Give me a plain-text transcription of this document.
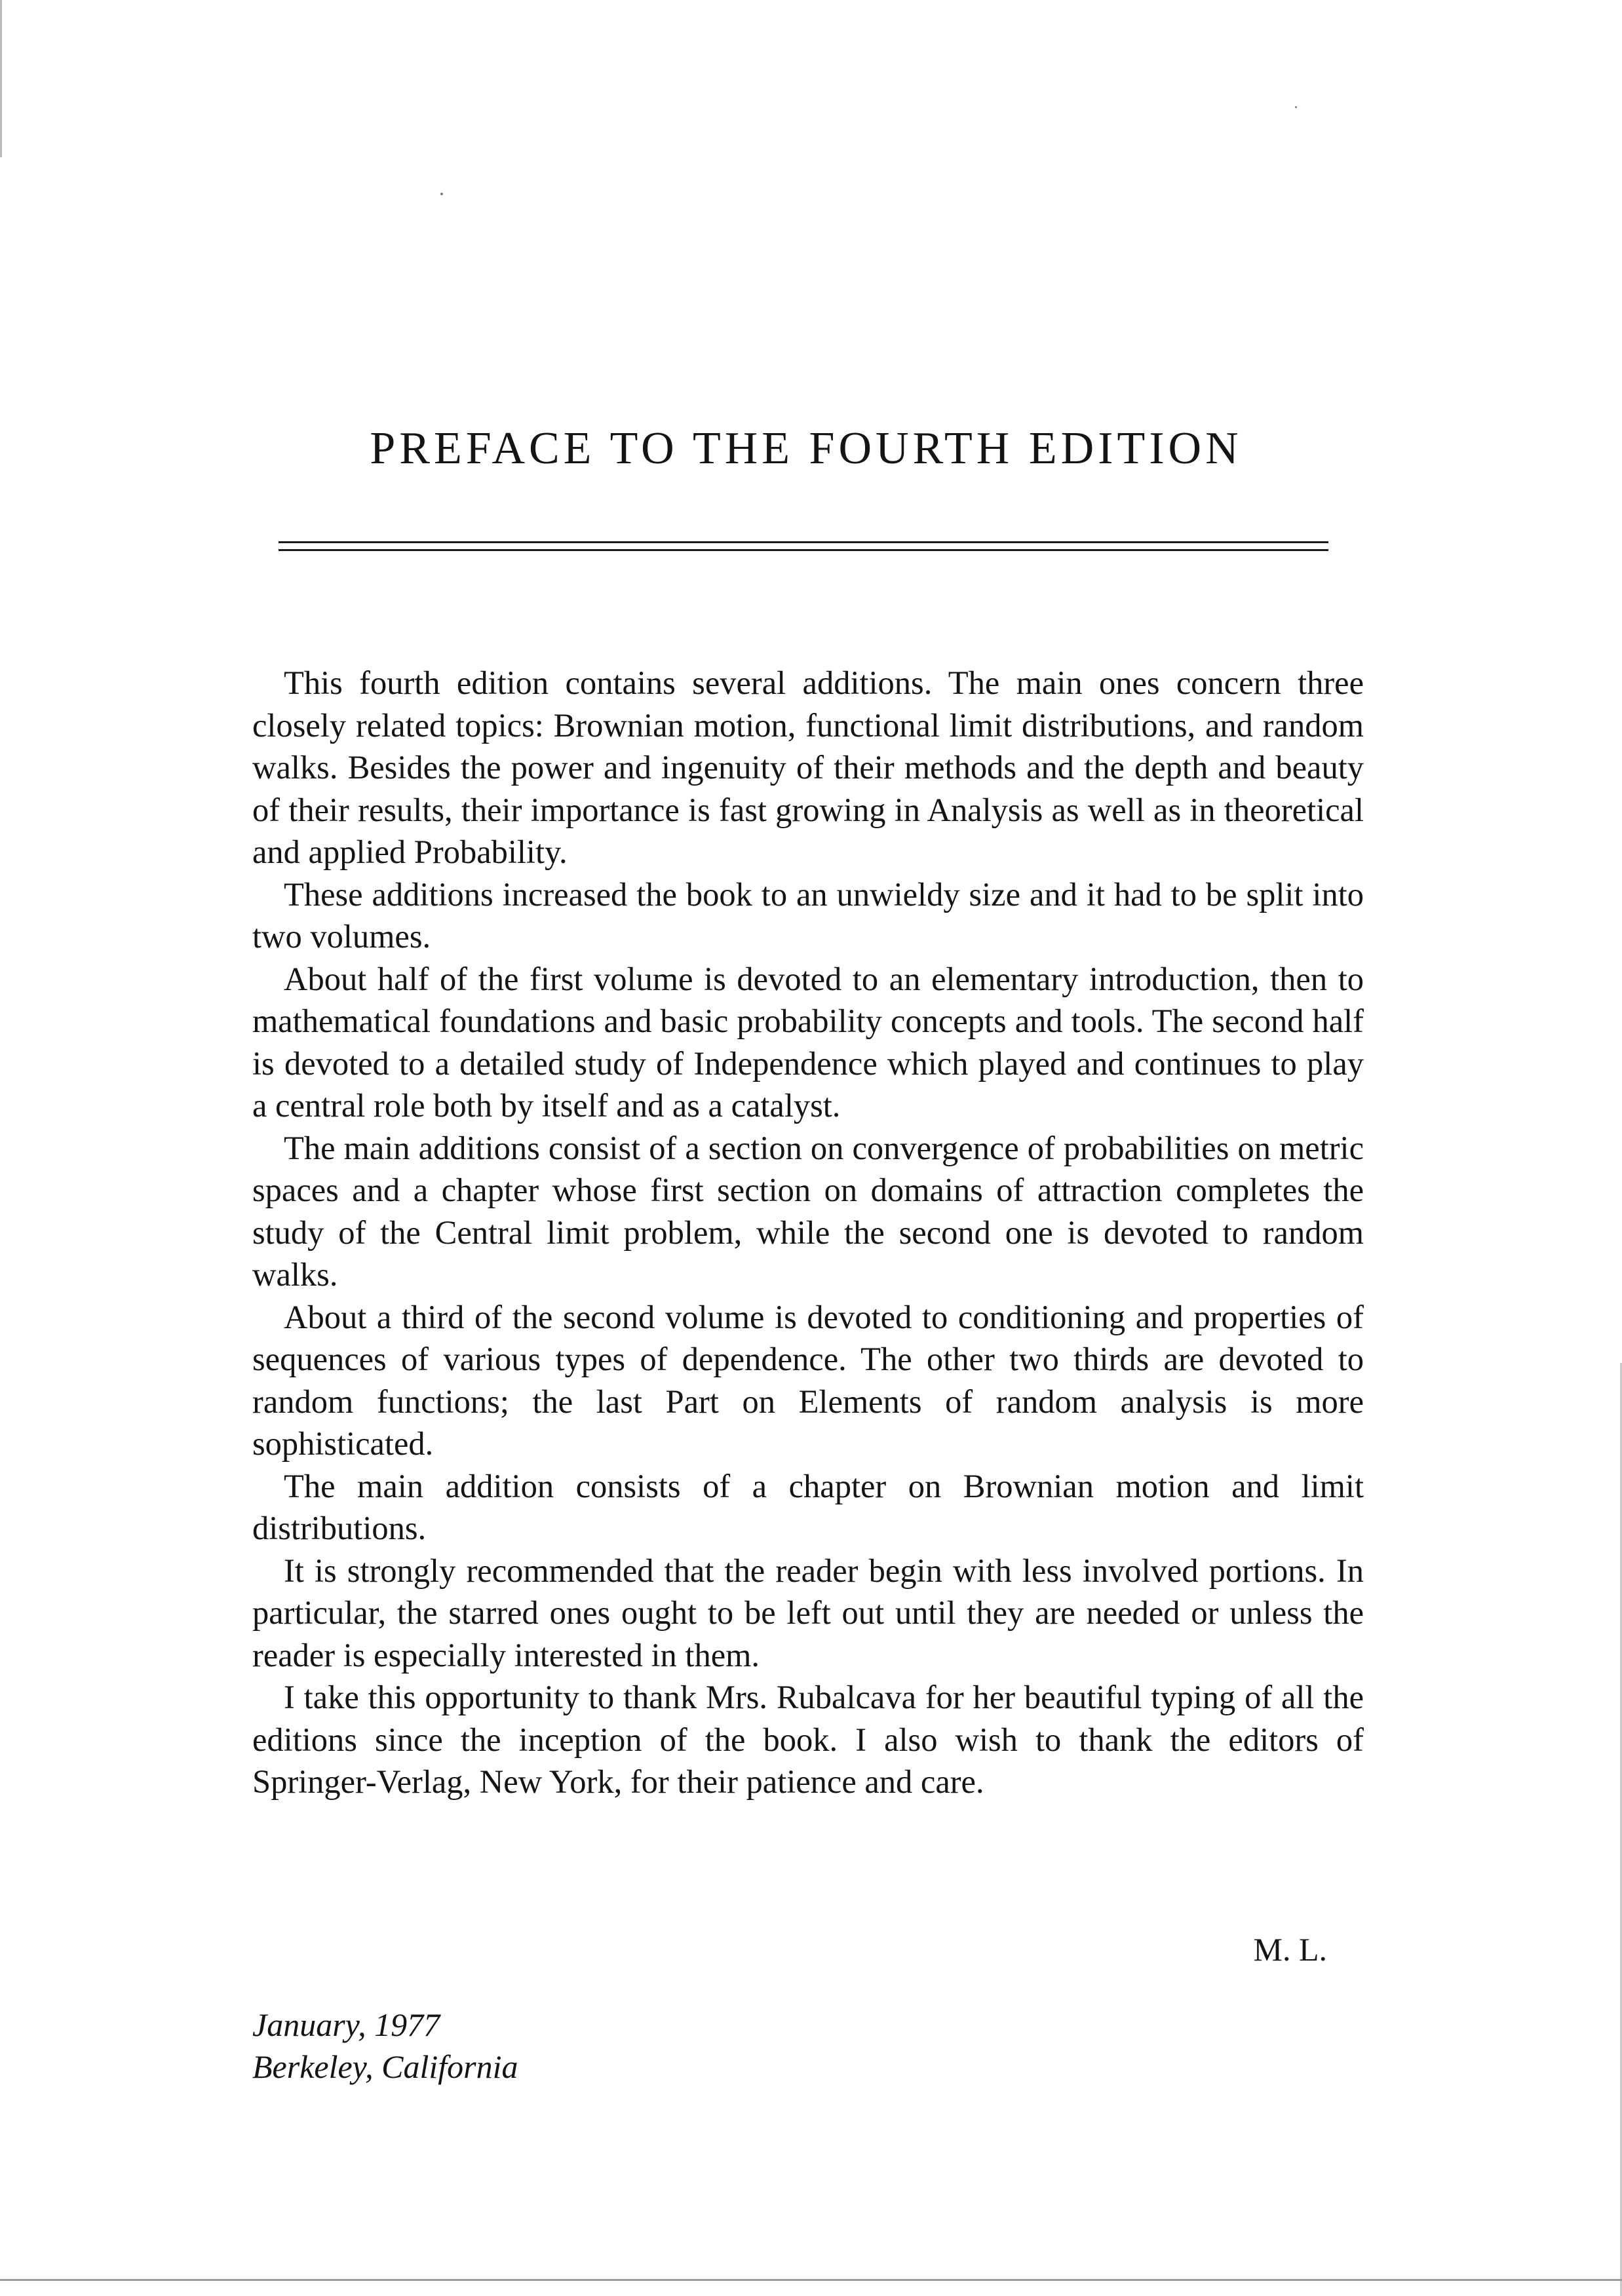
PREFACE TO THE FOURTH EDITION

This fourth edition contains several additions. The main ones concern three closely related topics: Brownian motion, functional limit distributions, and random walks. Besides the power and ingenuity of their methods and the depth and beauty of their results, their importance is fast growing in Analysis as well as in theoretical and applied Probability.

These additions increased the book to an unwieldy size and it had to be split into two volumes.

About half of the first volume is devoted to an elementary introduction, then to mathematical foundations and basic probability concepts and tools. The second half is devoted to a detailed study of Independence which played and continues to play a central role both by itself and as a catalyst.

The main additions consist of a section on convergence of probabilities on metric spaces and a chapter whose first section on domains of attraction completes the study of the Central limit problem, while the second one is devoted to random walks.

About a third of the second volume is devoted to conditioning and properties of sequences of various types of dependence. The other two thirds are devoted to random functions; the last Part on Elements of random analysis is more sophisticated.

The main addition consists of a chapter on Brownian motion and limit distributions.

It is strongly recommended that the reader begin with less involved portions. In particular, the starred ones ought to be left out until they are needed or unless the reader is especially interested in them.

I take this opportunity to thank Mrs. Rubalcava for her beautiful typing of all the editions since the inception of the book. I also wish to thank the editors of Springer-Verlag, New York, for their patience and care.

M. L.
January, 1977
Berkeley, California
